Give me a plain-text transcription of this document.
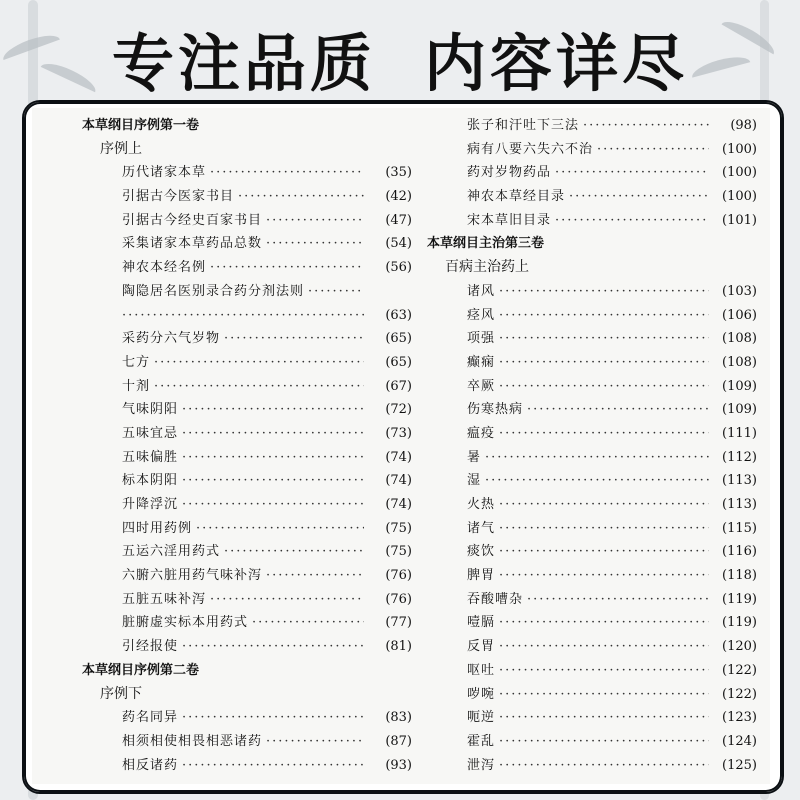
专注品质 内容详尽
本草纲目序例第一卷
序例上
历代诸家本草 ·····	(35)
引据古今医家书目 ·····	(42)
引据古今经史百家书目 ·····	(47)
采集诸家本草药品总数 ·····	(54)
神农本经名例 ·····	(56)
陶隐居名医别录合药分剂法则
·····
·····
(63)
采药分六气岁物 ·····	(65)
七方 ·····	(65)
十剂 ·····	(67)
气味阴阳 ·····	(72)
五味宜忌 ·····	(73)
五味偏胜 ·····	(74)
标本阴阳 ·····	(74)
升降浮沉 ·····	(74)
四时用药例 ·····	(75)
五运六淫用药式 ·····	(75)
六腑六脏用药气味补泻 ·····	(76)
五脏五味补泻 ·····	(76)
脏腑虚实标本用药式 ·····	(77)
引经报使 ·····	(81)
本草纲目序例第二卷
序例下
药名同异 ·····	(83)
相须相使相畏相恶诸药 ·····	(87)
相反诸药 ·····	(93)
张子和汗吐下三法 ·····	(98)
病有八要六失六不治 ·····	(100)
药对岁物药品 ·····	(100)
神农本草经目录 ·····	(100)
宋本草旧目录 ·····	(101)
本草纲目主治第三卷
百病主治药上
诸风 ·····	(103)
痉风 ·····	(106)
项强 ·····	(108)
癫痫 ·····	(108)
卒厥 ·····	(109)
伤寒热病 ·····	(109)
瘟疫 ·····	(111)
暑 ·····	(112)
湿 ·····	(113)
火热 ·····	(113)
诸气 ·····	(115)
痰饮 ·····	(116)
脾胃 ·····	(118)
吞酸嘈杂 ·····	(119)
噎膈 ·····	(119)
反胃 ·····	(120)
呕吐 ·····	(122)
哕啘 ·····	(122)
呃逆 ·····	(123)
霍乱 ·····	(124)
泄泻 ·····	(125)
